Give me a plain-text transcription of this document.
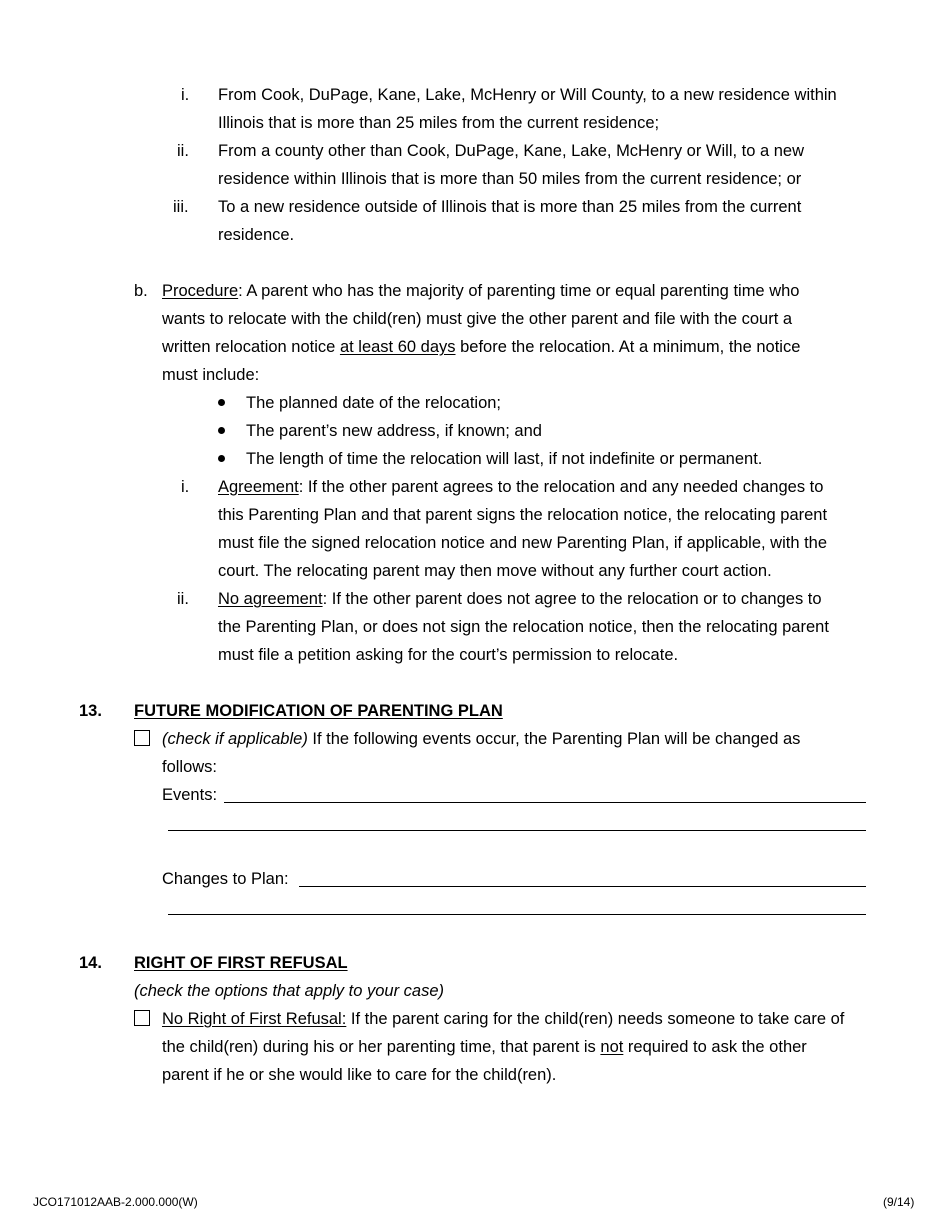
i. From Cook, DuPage, Kane, Lake, McHenry or Will County, to a new residence within
Illinois that is more than 25 miles from the current residence;
ii. From a county other than Cook, DuPage, Kane, Lake, McHenry or Will, to a new
residence within Illinois that is more than 50 miles from the current residence; or
iii. To a new residence outside of Illinois that is more than 25 miles from the current
residence.
b. Procedure: A parent who has the majority of parenting time or equal parenting time who
wants to relocate with the child(ren) must give the other parent and file with the court a
written relocation notice at least 60 days before the relocation. At a minimum, the notice
must include:
The planned date of the relocation;
The parent’s new address, if known; and
The length of time the relocation will last, if not indefinite or permanent.
i. Agreement: If the other parent agrees to the relocation and any needed changes to
this Parenting Plan and that parent signs the relocation notice, the relocating parent
must file the signed relocation notice and new Parenting Plan, if applicable, with the
court. The relocating parent may then move without any further court action.
ii. No agreement: If the other parent does not agree to the relocation or to changes to
the Parenting Plan, or does not sign the relocation notice, then the relocating parent
must file a petition asking for the court’s permission to relocate.
13. FUTURE MODIFICATION OF PARENTING PLAN
(check if applicable) If the following events occur, the Parenting Plan will be changed as
follows:
Events:
Changes to Plan:
14. RIGHT OF FIRST REFUSAL
(check the options that apply to your case)
No Right of First Refusal: If the parent caring for the child(ren) needs someone to take care of
the child(ren) during his or her parenting time, that parent is not required to ask the other
parent if he or she would like to care for the child(ren).
JCO171012AAB-2.000.000(W)	(9/14)
